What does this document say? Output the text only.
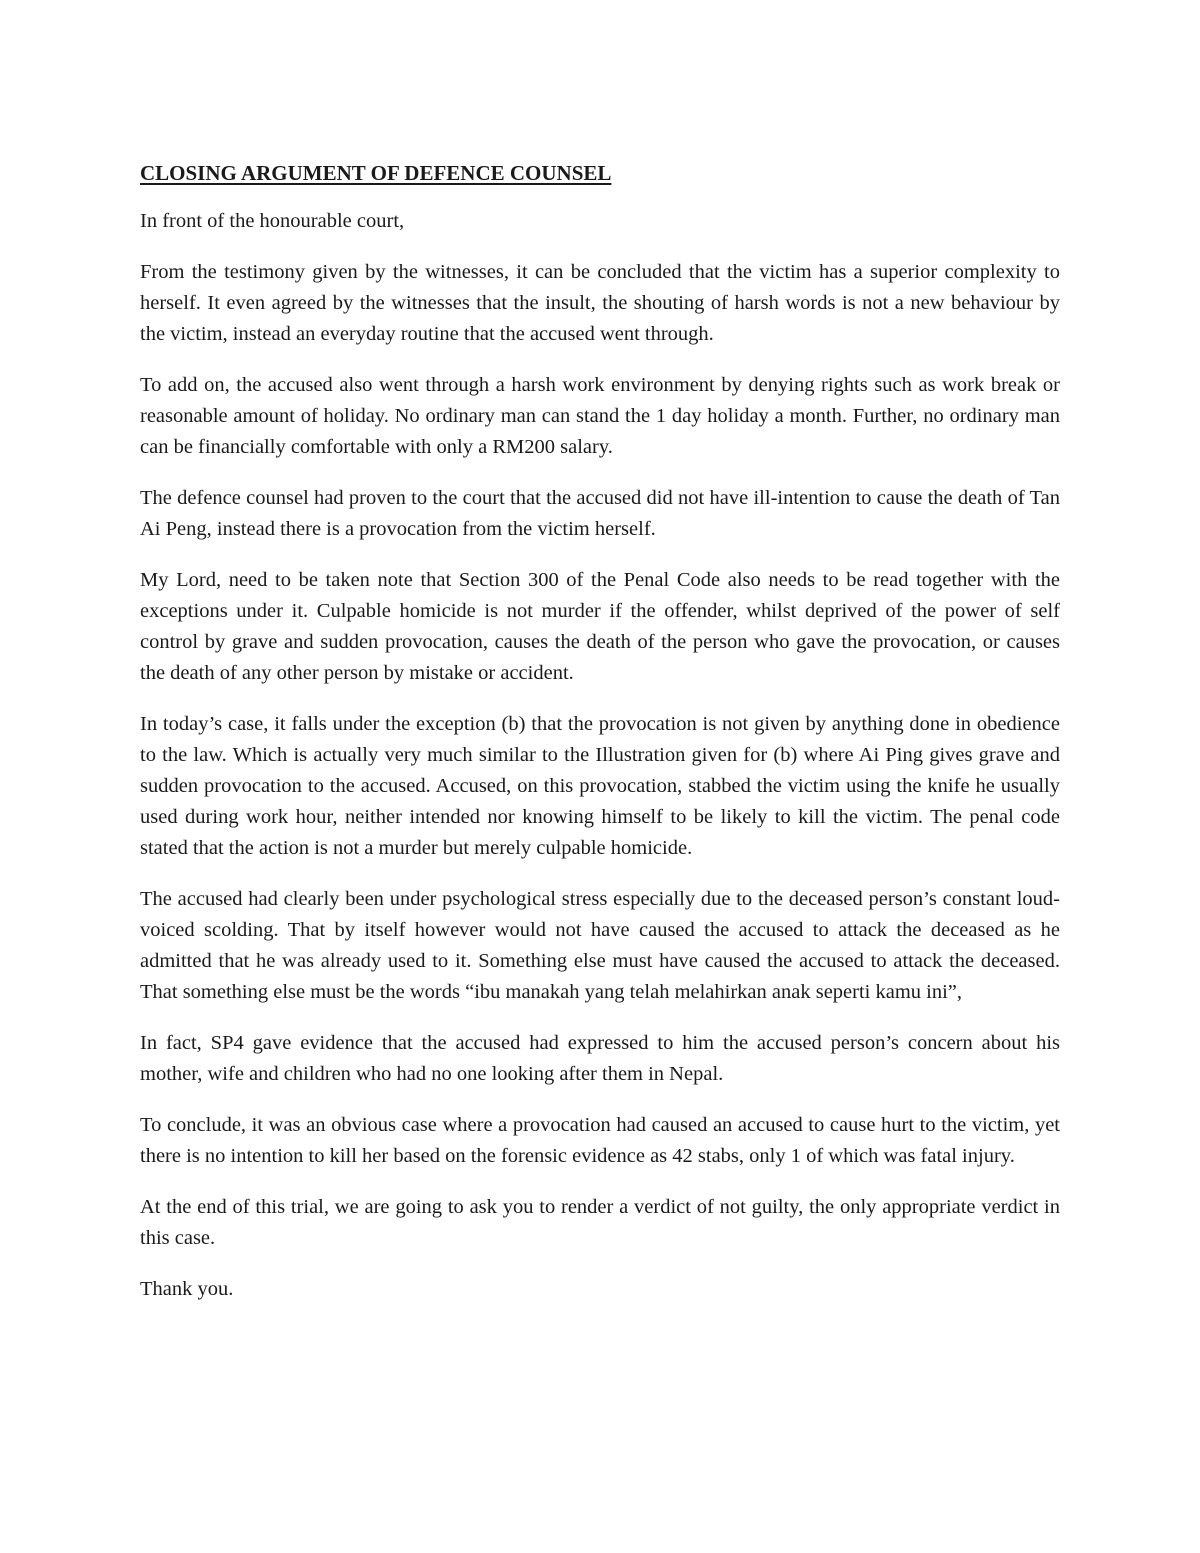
CLOSING ARGUMENT OF DEFENCE COUNSEL

In front of the honourable court,

From the testimony given by the witnesses, it can be concluded that the victim has a superior complexity to herself. It even agreed by the witnesses that the insult, the shouting of harsh words is not a new behaviour by the victim, instead an everyday routine that the accused went through.

To add on, the accused also went through a harsh work environment by denying rights such as work break or reasonable amount of holiday. No ordinary man can stand the 1 day holiday a month. Further, no ordinary man can be financially comfortable with only a RM200 salary.

The defence counsel had proven to the court that the accused did not have ill-intention to cause the death of Tan Ai Peng, instead there is a provocation from the victim herself.

My Lord, need to be taken note that Section 300 of the Penal Code also needs to be read together with the exceptions under it. Culpable homicide is not murder if the offender, whilst deprived of the power of self control by grave and sudden provocation, causes the death of the person who gave the provocation, or causes the death of any other person by mistake or accident.

In today’s case, it falls under the exception (b) that the provocation is not given by anything done in obedience to the law. Which is actually very much similar to the Illustration given for (b) where Ai Ping gives grave and sudden provocation to the accused. Accused, on this provocation, stabbed the victim using the knife he usually used during work hour, neither intended nor knowing himself to be likely to kill the victim. The penal code stated that the action is not a murder but merely culpable homicide.

The accused had clearly been under psychological stress especially due to the deceased person’s constant loud-voiced scolding. That by itself however would not have caused the accused to attack the deceased as he admitted that he was already used to it. Something else must have caused the accused to attack the deceased. That something else must be the words “ibu manakah yang telah melahirkan anak seperti kamu ini”,

In fact, SP4 gave evidence that the accused had expressed to him the accused person’s concern about his mother, wife and children who had no one looking after them in Nepal.

To conclude, it was an obvious case where a provocation had caused an accused to cause hurt to the victim, yet there is no intention to kill her based on the forensic evidence as 42 stabs, only 1 of which was fatal injury.

At the end of this trial, we are going to ask you to render a verdict of not guilty, the only appropriate verdict in this case.

Thank you.
